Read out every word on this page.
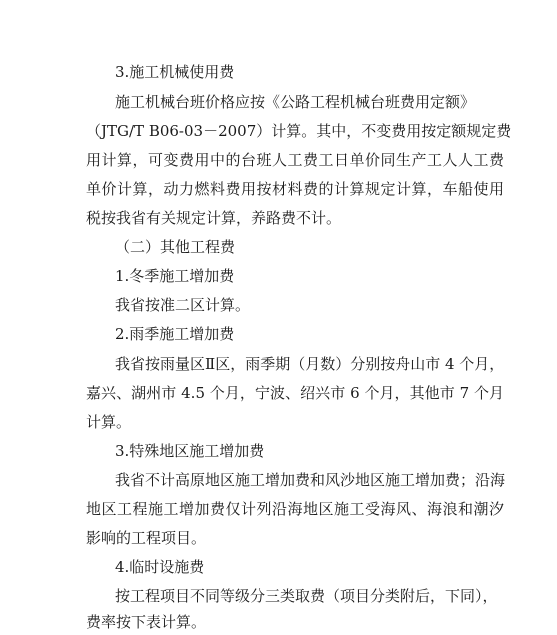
3.施工机械使用费
施工机械台班价格应按《公路工程机械台班费用定额》
（JTG/T B06-03－2007）计算。其中，不变费用按定额规定费
用计算，可变费用中的台班人工费工日单价同生产工人人工费
单价计算，动力燃料费用按材料费的计算规定计算，车船使用
税按我省有关规定计算，养路费不计。
（二）其他工程费
1.冬季施工增加费
我省按准二区计算。
2.雨季施工增加费
我省按雨量区Ⅱ区，雨季期（月数）分别按舟山市 4 个月，
嘉兴、湖州市 4.5 个月，宁波、绍兴市 6 个月，其他市 7 个月
计算。
3.特殊地区施工增加费
我省不计高原地区施工增加费和风沙地区施工增加费；沿海
地区工程施工增加费仅计列沿海地区施工受海风、海浪和潮汐
影响的工程项目。
4.临时设施费
按工程项目不同等级分三类取费（项目分类附后，下同），
费率按下表计算。
